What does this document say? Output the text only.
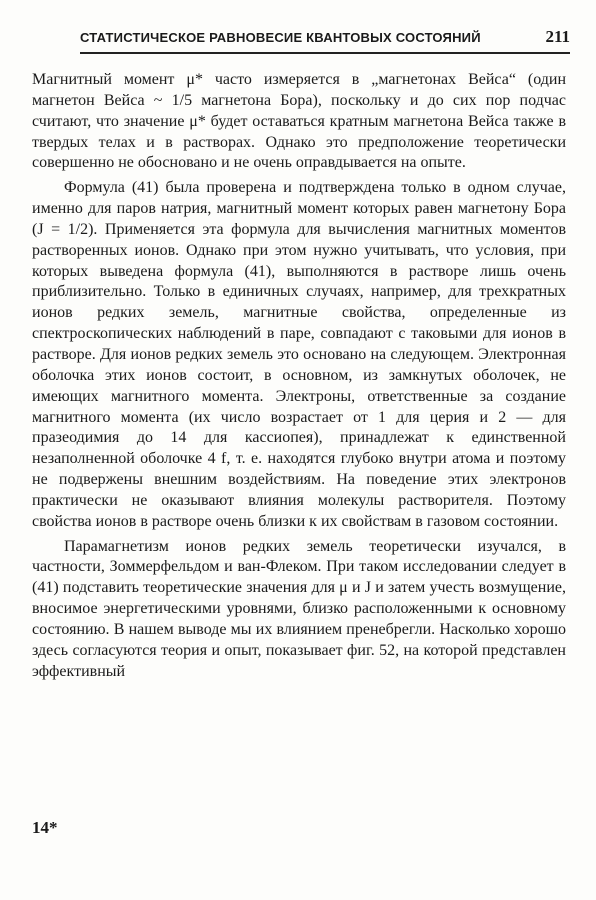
СТАТИСТИЧЕСКОЕ РАВНОВЕСИЕ КВАНТОВЫХ СОСТОЯНИЙ	211

Магнитный момент μ* часто измеряется в „магнетонах Вейса“ (один магнетон Вейса ~ 1/5 магнетона Бора), поскольку и до сих пор подчас считают, что значение μ* будет оставаться кратным магнетона Вейса также в твердых телах и в растворах. Однако это предположение теоретически совершенно не обосновано и не очень оправдывается на опыте.

Формула (41) была проверена и подтверждена только в одном случае, именно для паров натрия, магнитный момент которых равен магнетону Бора (J = 1/2). Применяется эта формула для вычисления магнитных моментов растворенных ионов. Однако при этом нужно учитывать, что условия, при которых выведена формула (41), выполняются в растворе лишь очень приблизительно. Только в единичных случаях, например, для трехкратных ионов редких земель, магнитные свойства, определенные из спектроскопических наблюдений в паре, совпадают с таковыми для ионов в растворе. Для ионов редких земель это основано на следующем. Электронная оболочка этих ионов состоит, в основном, из замкнутых оболочек, не имеющих магнитного момента. Электроны, ответственные за создание магнитного момента (их число возрастает от 1 для церия и 2 — для празеодимия до 14 для кассиопея), принадлежат к единственной незаполненной оболочке 4 f, т. е. находятся глубоко внутри атома и поэтому не подвержены внешним воздействиям. На поведение этих электронов практически не оказывают влияния молекулы растворителя. Поэтому свойства ионов в растворе очень близки к их свойствам в газовом состоянии.

Парамагнетизм ионов редких земель теоретически изучался, в частности, Зоммерфельдом и ван-Флеком. При таком исследовании следует в (41) подставить теоретические значения для μ и J и затем учесть возмущение, вносимое энергетическими уровнями, близко расположенными к основному состоянию. В нашем выводе мы их влиянием пренебрегли. Насколько хорошо здесь согласуются теория и опыт, показывает фиг. 52, на которой представлен эффективный

14*
